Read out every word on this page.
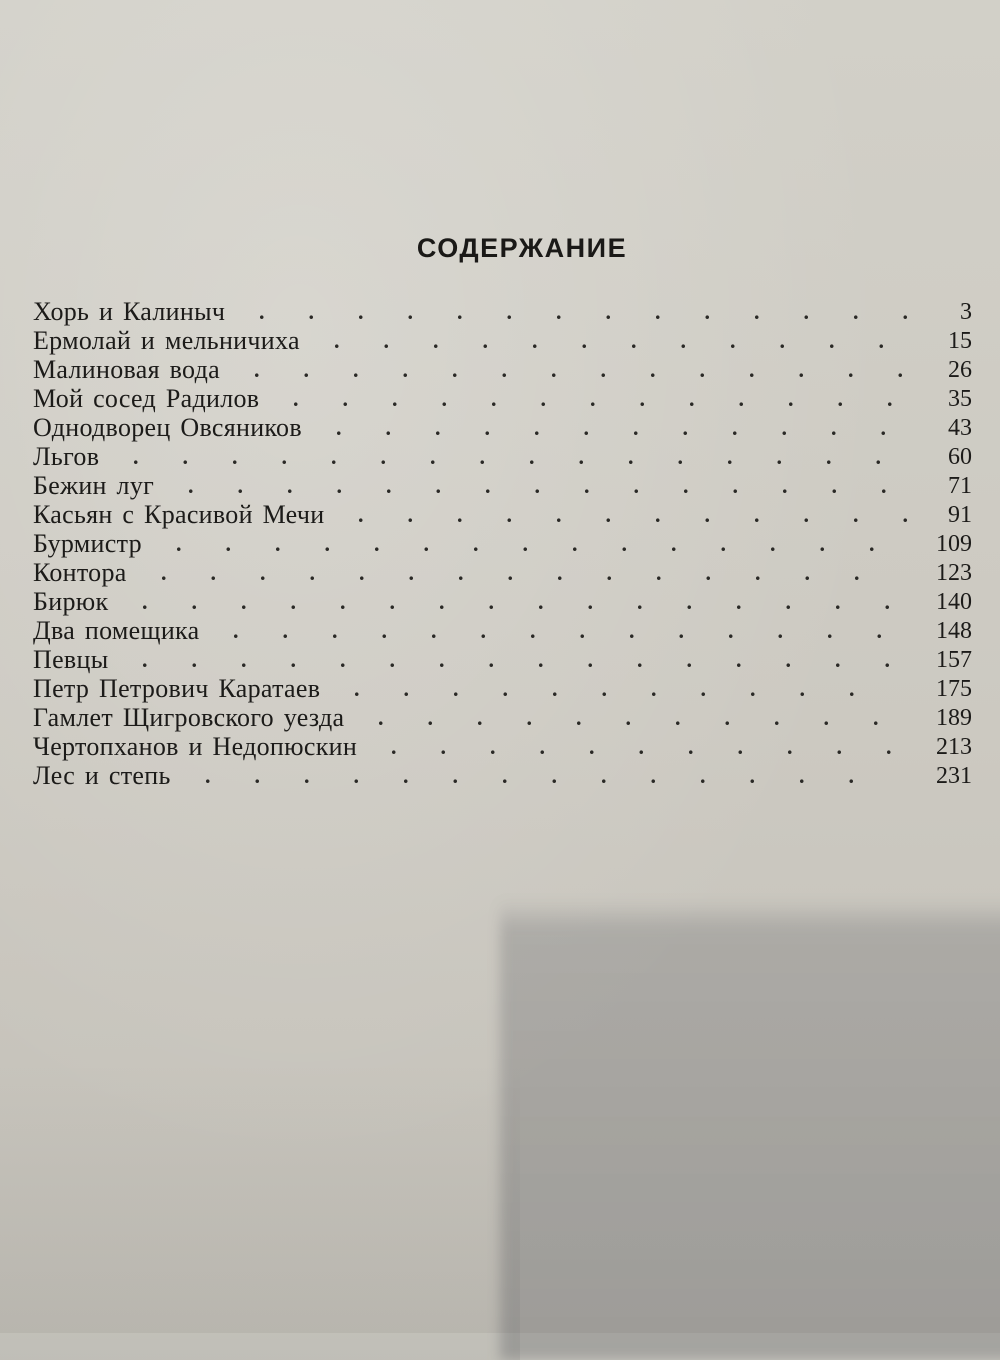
СОДЕРЖАНИЕ
Хорь и Калиныч	. . . . . . . . . . . . . .	3
Ермолай и мельничиха	. . . . . . . . . . . .	15
Малиновая вода	. . . . . . . . . . . . . .	26
Мой сосед Радилов	. . . . . . . . . . . . .	35
Однодворец Овсяников	. . . . . . . . . . . .	43
Льгов	. . . . . . . . . . . . . . . .	60
Бежин луг	. . . . . . . . . . . . . . .	71
Касьян с Красивой Мечи	. . . . . . . . . . . .	91
Бурмистр	. . . . . . . . . . . . . . .	109
Контора	. . . . . . . . . . . . . . .	123
Бирюк	. . . . . . . . . . . . . . . .	140
Два помещика	. . . . . . . . . . . . . .	148
Певцы	. . . . . . . . . . . . . . . .	157
Петр Петрович Каратаев	. . . . . . . . . . .	175
Гамлет Щигровского уезда	. . . . . . . . . . .	189
Чертопханов и Недопюскин	. . . . . . . . . . .	213
Лес и степь	. . . . . . . . . . . . . .	231
